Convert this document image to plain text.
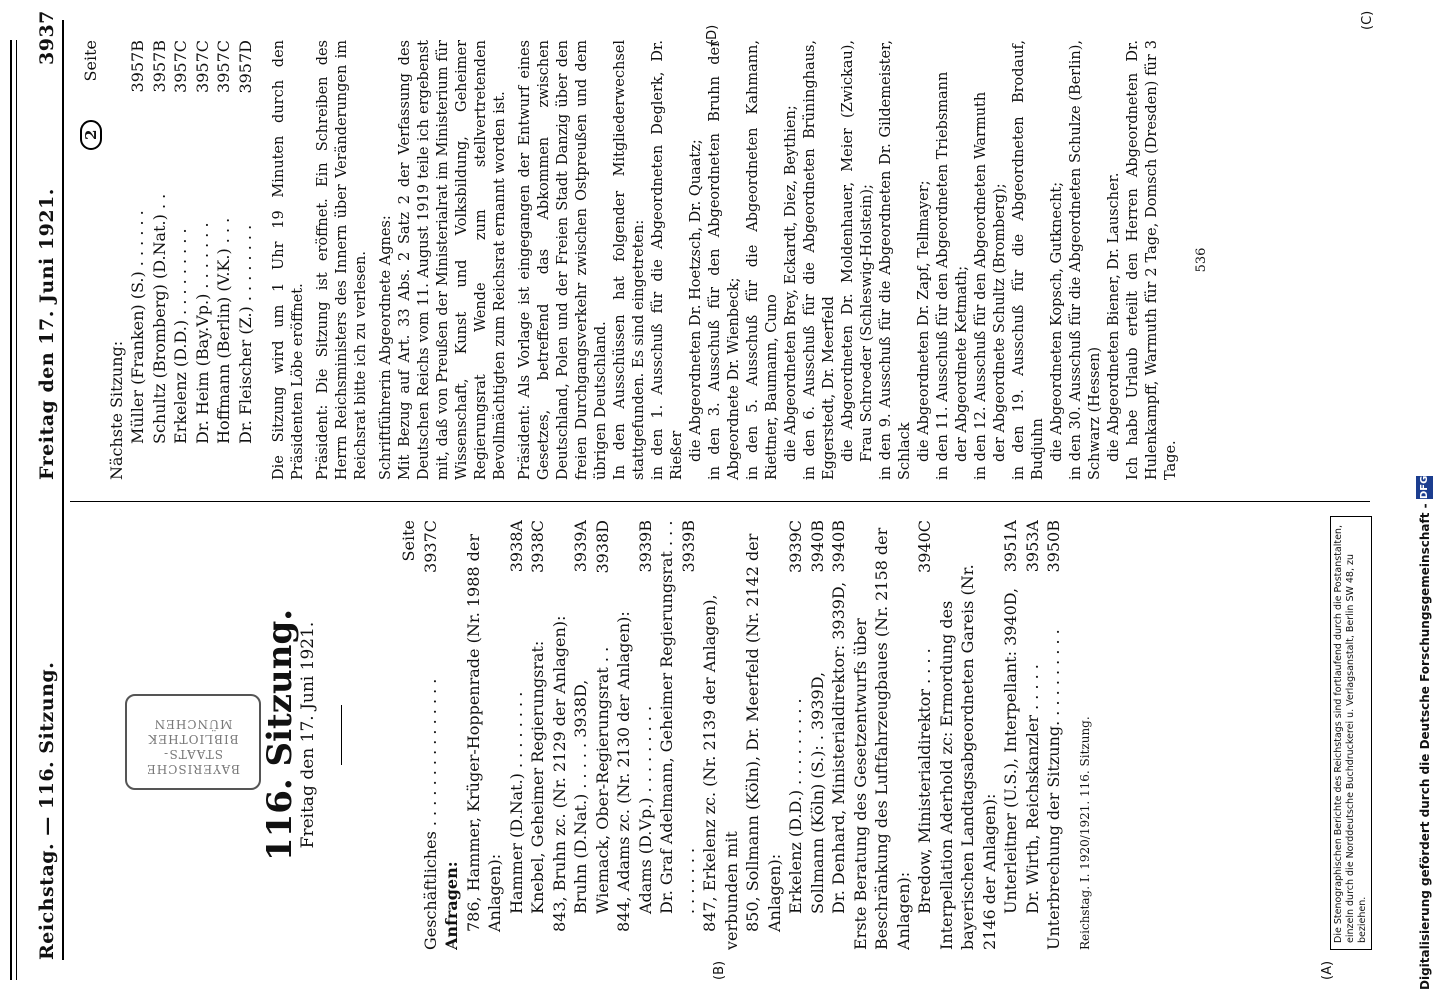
Reichstag. — 116. Sitzung.
Freitag den 17. Juni 1921.
3937
2
(A)
(B)
(C)
(D)
BAYERISCHE
STAATS-
BIBLIOTHEK
MÜNCHEN 116. Sitzung.
Freitag den 17. Juni 1921.
Seite

Geschäftliches . . . . . . . . . . . . . . .
3937C

Anfragen: 786, Hammer, Krüger-Hoppenrade (Nr. 1988 der Anlagen): Hammer (D.Nat.) . . . . . . . .
3938A

Knebel, Geheimer Regierungsrat:
3938C

843, Bruhn zc. (Nr. 2129 der Anlagen): Bruhn (D.Nat.) . . . . . 3938D,
3939A

Wiemack, Ober-Regierungsrat . .
3938D

844, Adams zc. (Nr. 2130 der Anlagen): Adams (D.Vp.) . . . . . . . . .
3939B Dr. Graf Adelmann, Geheimer Regierungsrat . . . . . . . . . .
3939B

847, Erkelenz zc. (Nr. 2139 der Anlagen), verbunden mit 850, Sollmann (Köln), Dr. Meerfeld (Nr. 2142 der Anlagen): Erkelenz (D.D.) . . . . . . . . .
3939C

Sollmann (Köln) (S.): . 3939D,
3940B

Dr. Denhard, Ministerialdirektor: 3939D,
3940B

Erste Beratung des Gesetzentwurfs über Beschränkung des Luftfahrzeugbaues (Nr. 2158 der Anlagen): Bredow, Ministerialdirektor . . . .
3940C

Interpellation Aderhold zc: Ermordung des bayerischen Landtagsabgeordneten Gareis (Nr. 2146 der Anlagen): Unterleitner (U.S.), Interpellant: 3940D,
3951A

Dr. Wirth, Reichskanzler . . . . .
3953A

Unterbrechung der Sitzung. . . . . . . . . .
3950B

Reichstag. I. 1920/1921. 116. Sitzung.	Die Stenographischen Berichte des Reichstags sind fortlaufend durch die Postanstalten, einzeln durch die Norddeutsche Buchdruckerei u. Verlagsanstalt, Berlin SW 48, zu beziehen.
Seite

Nächste Sitzung: Müller (Franken) (S.) . . . . . .
3957B

Schultz (Bromberg) (D.Nat.) . .
3957B

Erkelenz (D.D.) . . . . . . . . .
3957C

Dr. Heim (Bay.Vp.) . . . . . . .
3957C

Hoffmann (Berlin) (V.K.) . . .
3957C

Dr. Fleischer (Z.) . . . . . . . .
3957D Die Sitzung wird um 1 Uhr 19 Minuten durch den Präsidenten Löbe eröffnet. Präsident: Die Sitzung ist eröffnet. Ein Schreiben des Herrn Reichsministers des Innern über Veränderungen im Reichsrat bitte ich zu verlesen. Schriftführerin Abgeordnete Agnes: Mit Bezug auf Art. 33 Abs. 2 Satz 2 der Verfassung des Deutschen Reichs vom 11. August 1919 teile ich ergebenst mit, daß von Preußen der Ministerialrat im Ministerium für Wissenschaft, Kunst und Volksbildung, Geheimer Regierungsrat Wende zum stellvertretenden Bevollmächtigten zum Reichsrat ernannt worden ist. Präsident: Als Vorlage ist eingegangen der Entwurf eines Gesetzes, betreffend das Abkommen zwischen Deutschland, Polen und der Freien Stadt Danzig über den freien Durchgangsverkehr zwischen Ostpreußen und dem übrigen Deutschland. In den Ausschüssen hat folgender Mitgliederwechsel stattgefunden. Es sind eingetreten: in den 1. Ausschuß für die Abgeordneten Deglerk, Dr. Rießer die Abgeordneten Dr. Hoetzsch, Dr. Quaatz; in den 3. Ausschuß für den Abgeordneten Bruhn der Abgeordnete Dr. Wienbeck; in den 5. Ausschuß für die Abgeordneten Kahmann, Riettner, Baumann, Cuno die Abgeordneten Brey, Eckardt, Diez, Beythien; in den 6. Ausschuß für die Abgeordneten Brüninghaus, Eggerstedt, Dr. Meerfeld die Abgeordneten Dr. Moldenhauer, Meier (Zwickau), Frau Schroeder (Schleswig-Holstein); in den 9. Ausschuß für die Abgeordneten Dr. Gildemeister, Schlack die Abgeordneten Dr. Zapf, Tellmayer; in den 11. Ausschuß für den Abgeordneten Triebsmann der Abgeordnete Ketmath; in den 12. Ausschuß für den Abgeordneten Warmuth der Abgeordnete Schultz (Bromberg); in den 19. Ausschuß für die Abgeordneten Brodauf, Budjuhn die Abgeordneten Kopsch, Gutknecht; in den 30. Ausschuß für die Abgeordneten Schulze (Berlin), Schwarz (Hessen) die Abgeordneten Biener, Dr. Lauscher. Ich habe Urlaub erteilt den Herren Abgeordneten Dr. Hulenkampff, Warmuth für 2 Tage, Domsch (Dresden) für 3 Tage.

536
Digitalisierung gefördert durch die Deutsche Forschungsgemeinschaft - DFG
